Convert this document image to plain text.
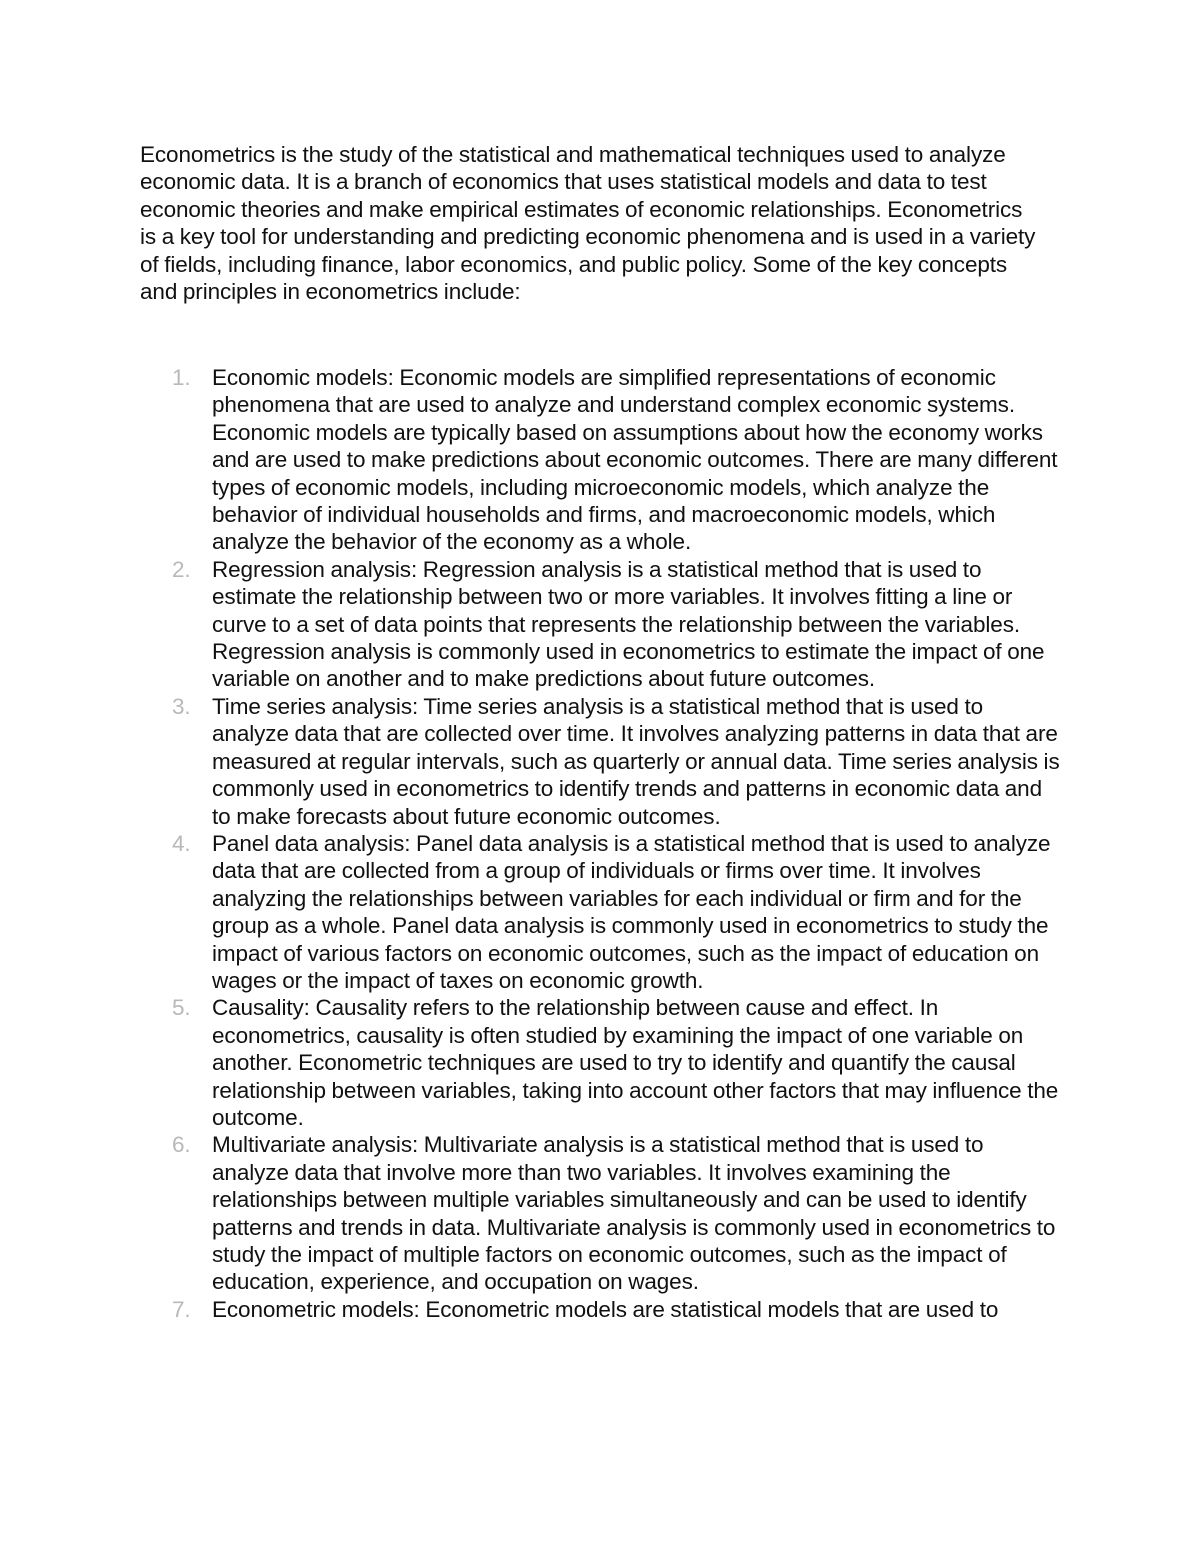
Econometrics is the study of the statistical and mathematical techniques used to analyze economic data. It is a branch of economics that uses statistical models and data to test economic theories and make empirical estimates of economic relationships. Econometrics is a key tool for understanding and predicting economic phenomena and is used in a variety of fields, including finance, labor economics, and public policy. Some of the key concepts and principles in econometrics include:

1. Economic models: Economic models are simplified representations of economic phenomena that are used to analyze and understand complex economic systems. Economic models are typically based on assumptions about how the economy works and are used to make predictions about economic outcomes. There are many different types of economic models, including microeconomic models, which analyze the behavior of individual households and firms, and macroeconomic models, which analyze the behavior of the economy as a whole.
2. Regression analysis: Regression analysis is a statistical method that is used to estimate the relationship between two or more variables. It involves fitting a line or curve to a set of data points that represents the relationship between the variables. Regression analysis is commonly used in econometrics to estimate the impact of one variable on another and to make predictions about future outcomes.
3. Time series analysis: Time series analysis is a statistical method that is used to analyze data that are collected over time. It involves analyzing patterns in data that are measured at regular intervals, such as quarterly or annual data. Time series analysis is commonly used in econometrics to identify trends and patterns in economic data and to make forecasts about future economic outcomes.
4. Panel data analysis: Panel data analysis is a statistical method that is used to analyze data that are collected from a group of individuals or firms over time. It involves analyzing the relationships between variables for each individual or firm and for the group as a whole. Panel data analysis is commonly used in econometrics to study the impact of various factors on economic outcomes, such as the impact of education on wages or the impact of taxes on economic growth.
5. Causality: Causality refers to the relationship between cause and effect. In econometrics, causality is often studied by examining the impact of one variable on another. Econometric techniques are used to try to identify and quantify the causal relationship between variables, taking into account other factors that may influence the outcome.
6. Multivariate analysis: Multivariate analysis is a statistical method that is used to analyze data that involve more than two variables. It involves examining the relationships between multiple variables simultaneously and can be used to identify patterns and trends in data. Multivariate analysis is commonly used in econometrics to study the impact of multiple factors on economic outcomes, such as the impact of education, experience, and occupation on wages.
7. Econometric models: Econometric models are statistical models that are used to
